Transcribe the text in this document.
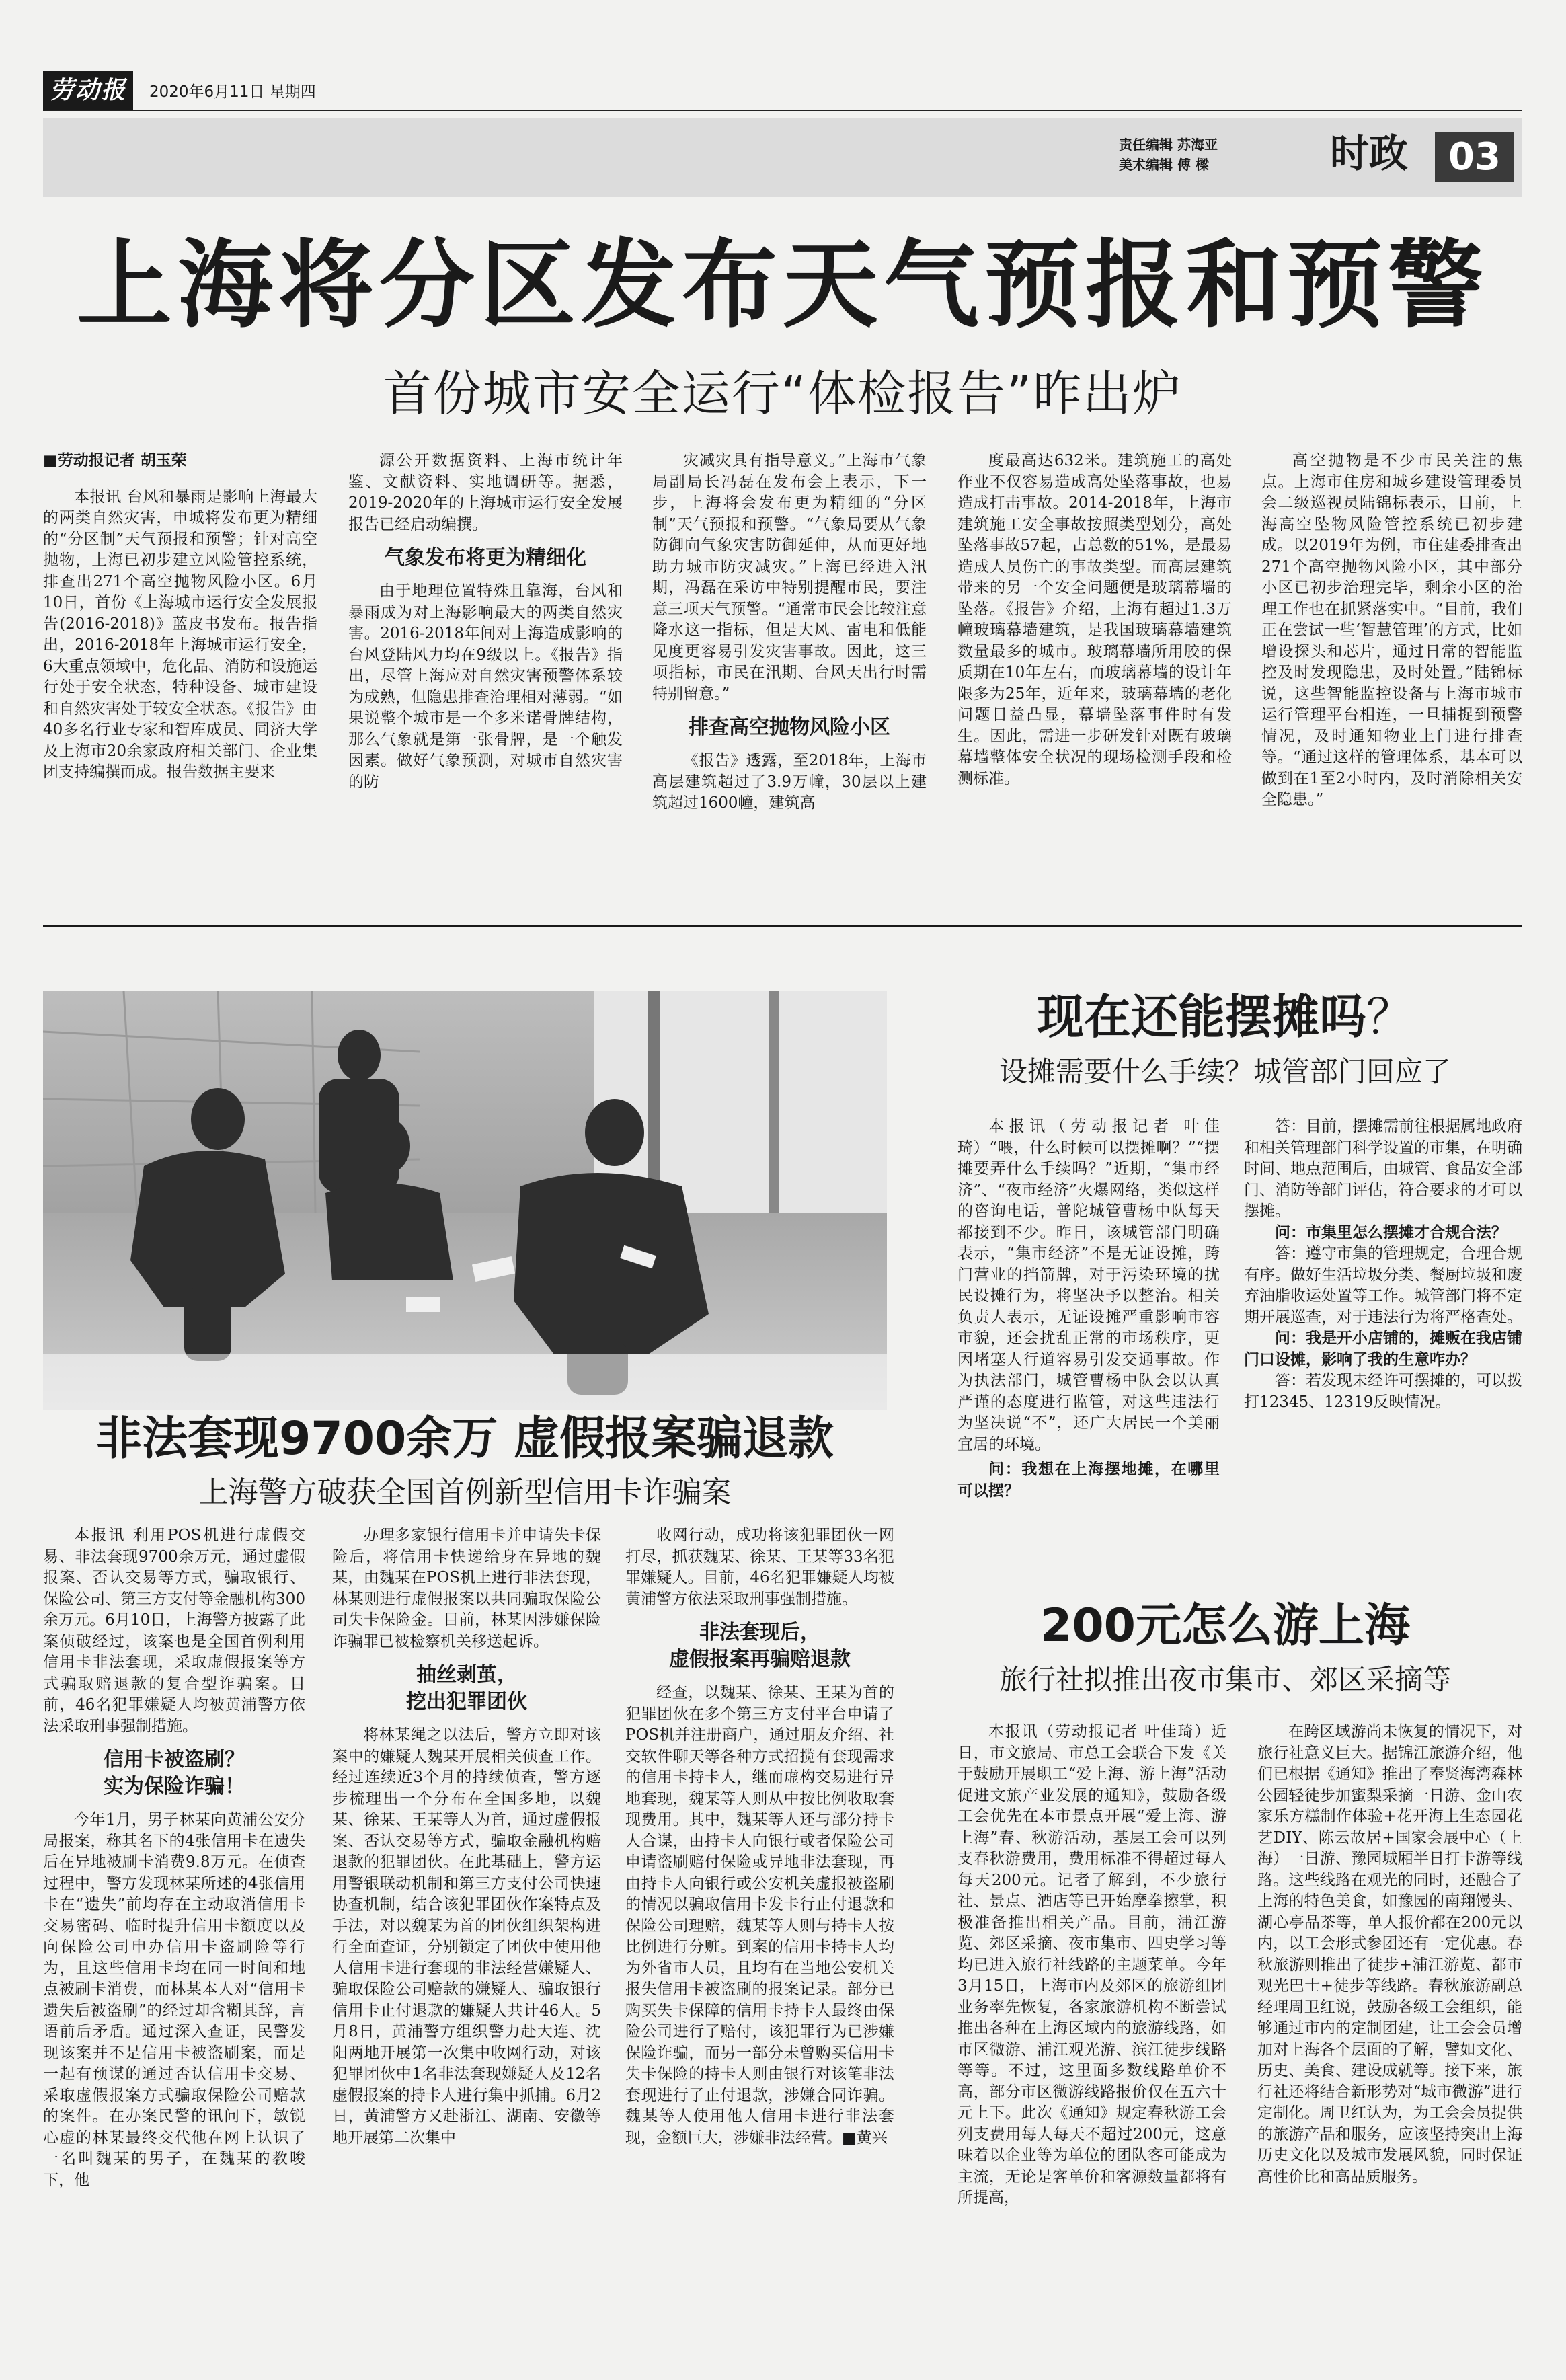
劳动报	2020年6月11日 星期四
责任编辑 苏海亚
美术编辑 傅 樑	时政	03
上海将分区发布天气预报和预警
首份城市安全运行“体检报告”昨出炉
■劳动报记者 胡玉荣

本报讯 台风和暴雨是影响上海最大的两类自然灾害，申城将发布更为精细的“分区制”天气预报和预警；针对高空抛物，上海已初步建立风险管控系统，排查出271个高空抛物风险小区。6月10日，首份《上海城市运行安全发展报告(2016-2018)》蓝皮书发布。报告指出，2016-2018年上海城市运行安全，6大重点领域中，危化品、消防和设施运行处于安全状态，特种设备、城市建设和自然灾害处于较安全状态。《报告》由40多名行业专家和智库成员、同济大学及上海市20余家政府相关部门、企业集团支持编撰而成。报告数据主要来

源公开数据资料、上海市统计年鉴、文献资料、实地调研等。据悉，2019-2020年的上海城市运行安全发展报告已经启动编撰。

气象发布将更为精细化

由于地理位置特殊且靠海，台风和暴雨成为对上海影响最大的两类自然灾害。2016-2018年间对上海造成影响的台风登陆风力均在9级以上。《报告》指出，尽管上海应对自然灾害预警体系较为成熟，但隐患排查治理相对薄弱。“如果说整个城市是一个多米诺骨牌结构，那么气象就是第一张骨牌，是一个触发因素。做好气象预测，对城市自然灾害的防

灾减灾具有指导意义。”上海市气象局副局长冯磊在发布会上表示，下一步，上海将会发布更为精细的“分区制”天气预报和预警。“气象局要从气象防御向气象灾害防御延伸，从而更好地助力城市防灾减灾。”上海已经进入汛期，冯磊在采访中特别提醒市民，要注意三项天气预警。“通常市民会比较注意降水这一指标，但是大风、雷电和低能见度更容易引发灾害事故。因此，这三项指标，市民在汛期、台风天出行时需特别留意。”

排查高空抛物风险小区

《报告》透露，至2018年，上海市高层建筑超过了3.9万幢，30层以上建筑超过1600幢，建筑高

度最高达632米。建筑施工的高处作业不仅容易造成高处坠落事故，也易造成打击事故。2014-2018年，上海市建筑施工安全事故按照类型划分，高处坠落事故57起，占总数的51%，是最易造成人员伤亡的事故类型。而高层建筑带来的另一个安全问题便是玻璃幕墙的坠落。《报告》介绍，上海有超过1.3万幢玻璃幕墙建筑，是我国玻璃幕墙建筑数量最多的城市。玻璃幕墙所用胶的保质期在10年左右，而玻璃幕墙的设计年限多为25年，近年来，玻璃幕墙的老化问题日益凸显，幕墙坠落事件时有发生。因此，需进一步研发针对既有玻璃幕墙整体安全状况的现场检测手段和检测标准。

高空抛物是不少市民关注的焦点。上海市住房和城乡建设管理委员会二级巡视员陆锦标表示，目前，上海高空坠物风险管控系统已初步建成。以2019年为例，市住建委排查出271个高空抛物风险小区，其中部分小区已初步治理完毕，剩余小区的治理工作也在抓紧落实中。“目前，我们正在尝试一些‘智慧管理’的方式，比如增设探头和芯片，通过日常的智能监控及时发现隐患，及时处置。”陆锦标说，这些智能监控设备与上海市城市运行管理平台相连，一旦捕捉到预警情况，及时通知物业上门进行排查等。“通过这样的管理体系，基本可以做到在1至2小时内，及时消除相关安全隐患。”

非法套现9700余万 虚假报案骗退款
上海警方破获全国首例新型信用卡诈骗案

本报讯 利用POS机进行虚假交易、非法套现9700余万元，通过虚假报案、否认交易等方式，骗取银行、保险公司、第三方支付等金融机构300余万元。6月10日，上海警方披露了此案侦破经过，该案也是全国首例利用信用卡非法套现，采取虚假报案等方式骗取赔退款的复合型诈骗案。目前，46名犯罪嫌疑人均被黄浦警方依法采取刑事强制措施。

信用卡被盗刷？
实为保险诈骗！

今年1月，男子林某向黄浦公安分局报案，称其名下的4张信用卡在遗失后在异地被刷卡消费9.8万元。在侦查过程中，警方发现林某所述的4张信用卡在“遗失”前均存在主动取消信用卡交易密码、临时提升信用卡额度以及向保险公司申办信用卡盗刷险等行为，且这些信用卡均在同一时间和地点被刷卡消费，而林某本人对“信用卡遗失后被盗刷”的经过却含糊其辞，言语前后矛盾。通过深入查证，民警发现该案并不是信用卡被盗刷案，而是一起有预谋的通过否认信用卡交易、采取虚假报案方式骗取保险公司赔款的案件。在办案民警的讯问下，敏锐心虚的林某最终交代他在网上认识了一名叫魏某的男子，在魏某的教唆下，他

办理多家银行信用卡并申请失卡保险后，将信用卡快递给身在异地的魏某，由魏某在POS机上进行非法套现，林某则进行虚假报案以共同骗取保险公司失卡保险金。目前，林某因涉嫌保险诈骗罪已被检察机关移送起诉。

抽丝剥茧，
挖出犯罪团伙

将林某绳之以法后，警方立即对该案中的嫌疑人魏某开展相关侦查工作。经过连续近3个月的持续侦查，警方逐步梳理出一个分布在全国多地，以魏某、徐某、王某等人为首，通过虚假报案、否认交易等方式，骗取金融机构赔退款的犯罪团伙。在此基础上，警方运用警银联动机制和第三方支付公司快速协查机制，结合该犯罪团伙作案特点及手法，对以魏某为首的团伙组织架构进行全面查证，分别锁定了团伙中使用他人信用卡进行套现的非法经营嫌疑人、骗取保险公司赔款的嫌疑人、骗取银行信用卡止付退款的嫌疑人共计46人。5月8日，黄浦警方组织警力赴大连、沈阳两地开展第一次集中收网行动，对该犯罪团伙中1名非法套现嫌疑人及12名虚假报案的持卡人进行集中抓捕。6月2日，黄浦警方又赴浙江、湖南、安徽等地开展第二次集中

收网行动，成功将该犯罪团伙一网打尽，抓获魏某、徐某、王某等33名犯罪嫌疑人。目前，46名犯罪嫌疑人均被黄浦警方依法采取刑事强制措施。

非法套现后，
虚假报案再骗赔退款

经查，以魏某、徐某、王某为首的犯罪团伙在多个第三方支付平台申请了POS机并注册商户，通过朋友介绍、社交软件聊天等各种方式招揽有套现需求的信用卡持卡人，继而虚构交易进行异地套现，魏某等人则从中按比例收取套现费用。其中，魏某等人还与部分持卡人合谋，由持卡人向银行或者保险公司申请盗刷赔付保险或异地非法套现，再由持卡人向银行或公安机关虚报被盗刷的情况以骗取信用卡发卡行止付退款和保险公司理赔，魏某等人则与持卡人按比例进行分赃。到案的信用卡持卡人均为外省市人员，且均有在当地公安机关报失信用卡被盗刷的报案记录。部分已购买失卡保障的信用卡持卡人最终由保险公司进行了赔付，该犯罪行为已涉嫌保险诈骗，而另一部分未曾购买信用卡失卡保险的持卡人则由银行对该笔非法套现进行了止付退款，涉嫌合同诈骗。魏某等人使用他人信用卡进行非法套现，金额巨大，涉嫌非法经营。■黄兴

现在还能摆摊吗？
设摊需要什么手续？城管部门回应了

本报讯（劳动报记者 叶佳琦）“喂，什么时候可以摆摊啊？”“摆摊要弄什么手续吗？”近期，“集市经济”、“夜市经济”火爆网络，类似这样的咨询电话，普陀城管曹杨中队每天都接到不少。昨日，该城管部门明确表示，“集市经济”不是无证设摊，跨门营业的挡箭牌，对于污染环境的扰民设摊行为，将坚决予以整治。相关负责人表示，无证设摊严重影响市容市貌，还会扰乱正常的市场秩序，更因堵塞人行道容易引发交通事故。作为执法部门，城管曹杨中队会以认真严谨的态度进行监管，对这些违法行为坚决说“不”，还广大居民一个美丽宜居的环境。

问：我想在上海摆地摊，在哪里可以摆？

答：目前，摆摊需前往根据属地政府和相关管理部门科学设置的市集，在明确时间、地点范围后，由城管、食品安全部门、消防等部门评估，符合要求的才可以摆摊。

问：市集里怎么摆摊才合规合法？

答：遵守市集的管理规定，合理合规有序。做好生活垃圾分类、餐厨垃圾和废弃油脂收运处置等工作。城管部门将不定期开展巡查，对于违法行为将严格查处。

问：我是开小店铺的，摊贩在我店铺门口设摊，影响了我的生意咋办？

答：若发现未经许可摆摊的，可以拨打12345、12319反映情况。

200元怎么游上海
旅行社拟推出夜市集市、郊区采摘等

本报讯（劳动报记者 叶佳琦）近日，市文旅局、市总工会联合下发《关于鼓励开展职工“爱上海、游上海”活动 促进文旅产业发展的通知》，鼓励各级工会优先在本市景点开展“爱上海、游上海”春、秋游活动，基层工会可以列支春秋游费用，费用标准不得超过每人每天200元。记者了解到，不少旅行社、景点、酒店等已开始摩拳擦掌，积极准备推出相关产品。目前，浦江游览、郊区采摘、夜市集市、四史学习等均已进入旅行社线路的主题菜单。今年3月15日，上海市内及郊区的旅游组团业务率先恢复，各家旅游机构不断尝试推出各种在上海区域内的旅游线路，如市区微游、浦江观光游、滨江徒步线路等等。不过，这里面多数线路单价不高，部分市区微游线路报价仅在五六十元上下。此次《通知》规定春秋游工会列支费用每人每天不超过200元，这意味着以企业等为单位的团队客可能成为主流，无论是客单价和客源数量都将有所提高，

在跨区域游尚未恢复的情况下，对旅行社意义巨大。据锦江旅游介绍，他们已根据《通知》推出了奉贤海湾森林公园轻徒步加蜜梨采摘一日游、金山农家乐方糕制作体验+花开海上生态园花艺DIY、陈云故居+国家会展中心（上海）一日游、豫园城厢半日打卡游等线路。这些线路在观光的同时，还融合了上海的特色美食，如豫园的南翔馒头、湖心亭品茶等，单人报价都在200元以内，以工会形式参团还有一定优惠。春秋旅游则推出了徒步+浦江游览、都市观光巴士+徒步等线路。春秋旅游副总经理周卫红说，鼓励各级工会组织，能够通过市内的定制团建，让工会会员增加对上海各个层面的了解，譬如文化、历史、美食、建设成就等。接下来，旅行社还将结合新形势对“城市微游”进行定制化。周卫红认为，为工会会员提供的旅游产品和服务，应该坚持突出上海历史文化以及城市发展风貌，同时保证高性价比和高品质服务。
